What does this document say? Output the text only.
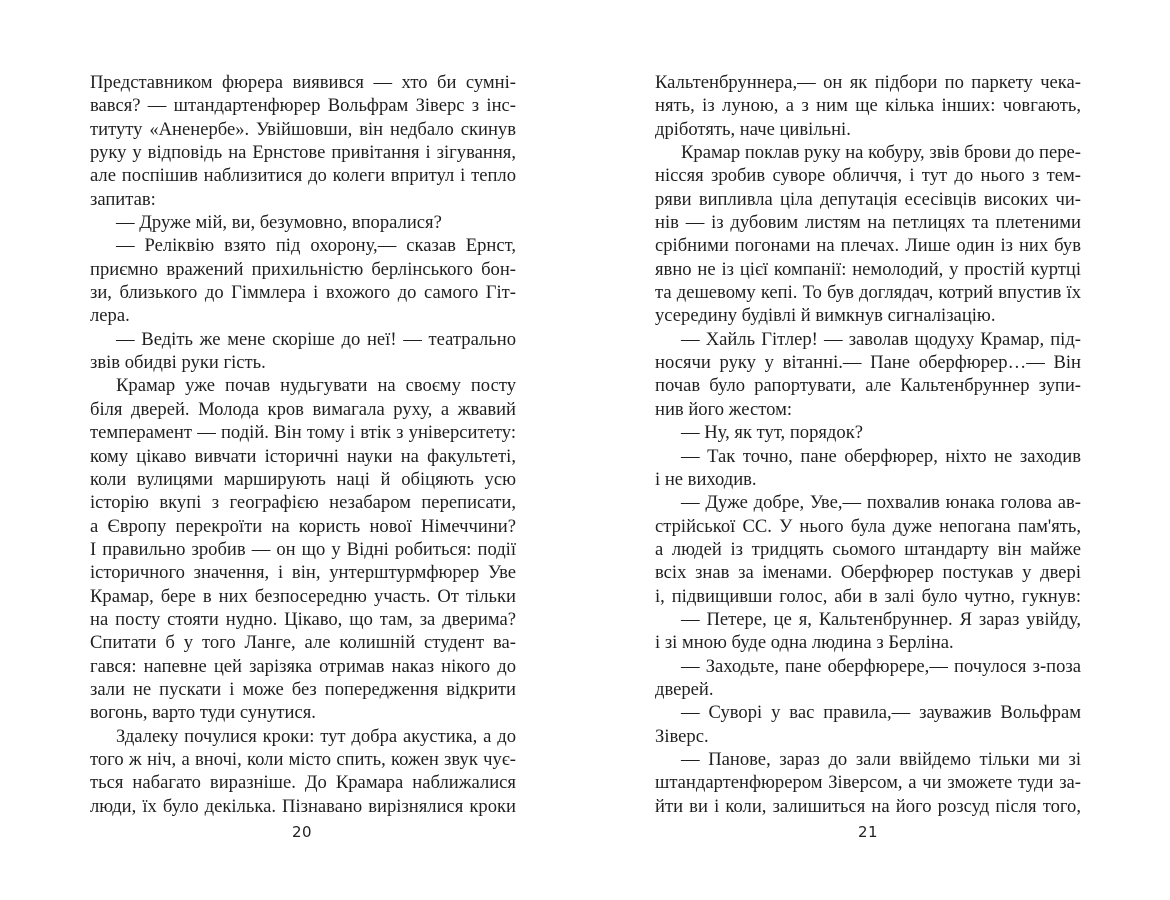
Представником фюрера виявився — хто би сумні-
вався? — штандартенфюрер Вольфрам Зіверс з інс-
титуту «Аненербе». Увійшовши, він недбало скинув
руку у відповідь на Ернстове привітання і зігування,
але поспішив наблизитися до колеги впритул і тепло
запитав:
— Друже мій, ви, безумовно, впоралися?
— Реліквію взято під охорону,— сказав Ернст,
приємно вражений прихильністю берлінського бон-
зи, близького до Гіммлера і вхожого до самого Гіт-
лера.
— Ведіть же мене скоріше до неї! — театрально
звів обидві руки гість.
Крамар уже почав нудьгувати на своєму посту
біля дверей. Молода кров вимагала руху, а жвавий
темперамент — подій. Він тому і втік з університету:
кому цікаво вивчати історичні науки на факультеті,
коли вулицями марширують наці й обіцяють усю
історію вкупі з географією незабаром переписати,
а Європу перекроїти на користь нової Німеччини?
І правильно зробив — он що у Відні робиться: події
історичного значення, і він, унтерштурмфюрер Уве
Крамар, бере в них безпосередню участь. От тільки
на посту стояти нудно. Цікаво, що там, за дверима?
Спитати б у того Ланге, але колишній студент ва-
гався: напевне цей зарізяка отримав наказ нікого до
зали не пускати і може без попередження відкрити
вогонь, варто туди сунутися.
Здалеку почулися кроки: тут добра акустика, а до
того ж ніч, а вночі, коли місто спить, кожен звук чує-
ться набагато виразніше. До Крамара наближалися
люди, їх було декілька. Пізнавано вирізнялися кроки
Кальтенбруннера,— он як підбори по паркету чека-
нять, із луною, а з ним ще кілька інших: човгають,
дріботять, наче цивільні.
Крамар поклав руку на кобуру, звів брови до пере-
ніссяя зробив суворе обличчя, і тут до нього з тем-
ряви випливла ціла депутація есесівців високих чи-
нів — із дубовим листям на петлицях та плетеними
срібними погонами на плечах. Лише один із них був
явно не із цієї компанії: немолодий, у простій куртці
та дешевому кепі. То був доглядач, котрий впустив їх
усередину будівлі й вимкнув сигналізацію.
— Хайль Гітлер! — заволав щодуху Крамар, під-
носячи руку у вітанні.— Пане оберфюрер…— Він
почав було рапортувати, але Кальтенбруннер зупи-
нив його жестом:
— Ну, як тут, порядок?
— Так точно, пане оберфюрер, ніхто не заходив
і не виходив.
— Дуже добре, Уве,— похвалив юнака голова ав-
стрійської СС. У нього була дуже непогана пам'ять,
а людей із тридцять сьомого штандарту він майже
всіх знав за іменами. Оберфюрер постукав у двері
і, підвищивши голос, аби в залі було чутно, гукнув:
— Петере, це я, Кальтенбруннер. Я зараз увійду,
і зі мною буде одна людина з Берліна.
— Заходьте, пане оберфюрере,— почулося з-поза
дверей.
— Суворі у вас правила,— зауважив Вольфрам
Зіверс.
— Панове, зараз до зали ввійдемо тільки ми зі
штандартенфюрером Зіверсом, а чи зможете туди за-
йти ви і коли, залишиться на його розсуд після того,
20	21
